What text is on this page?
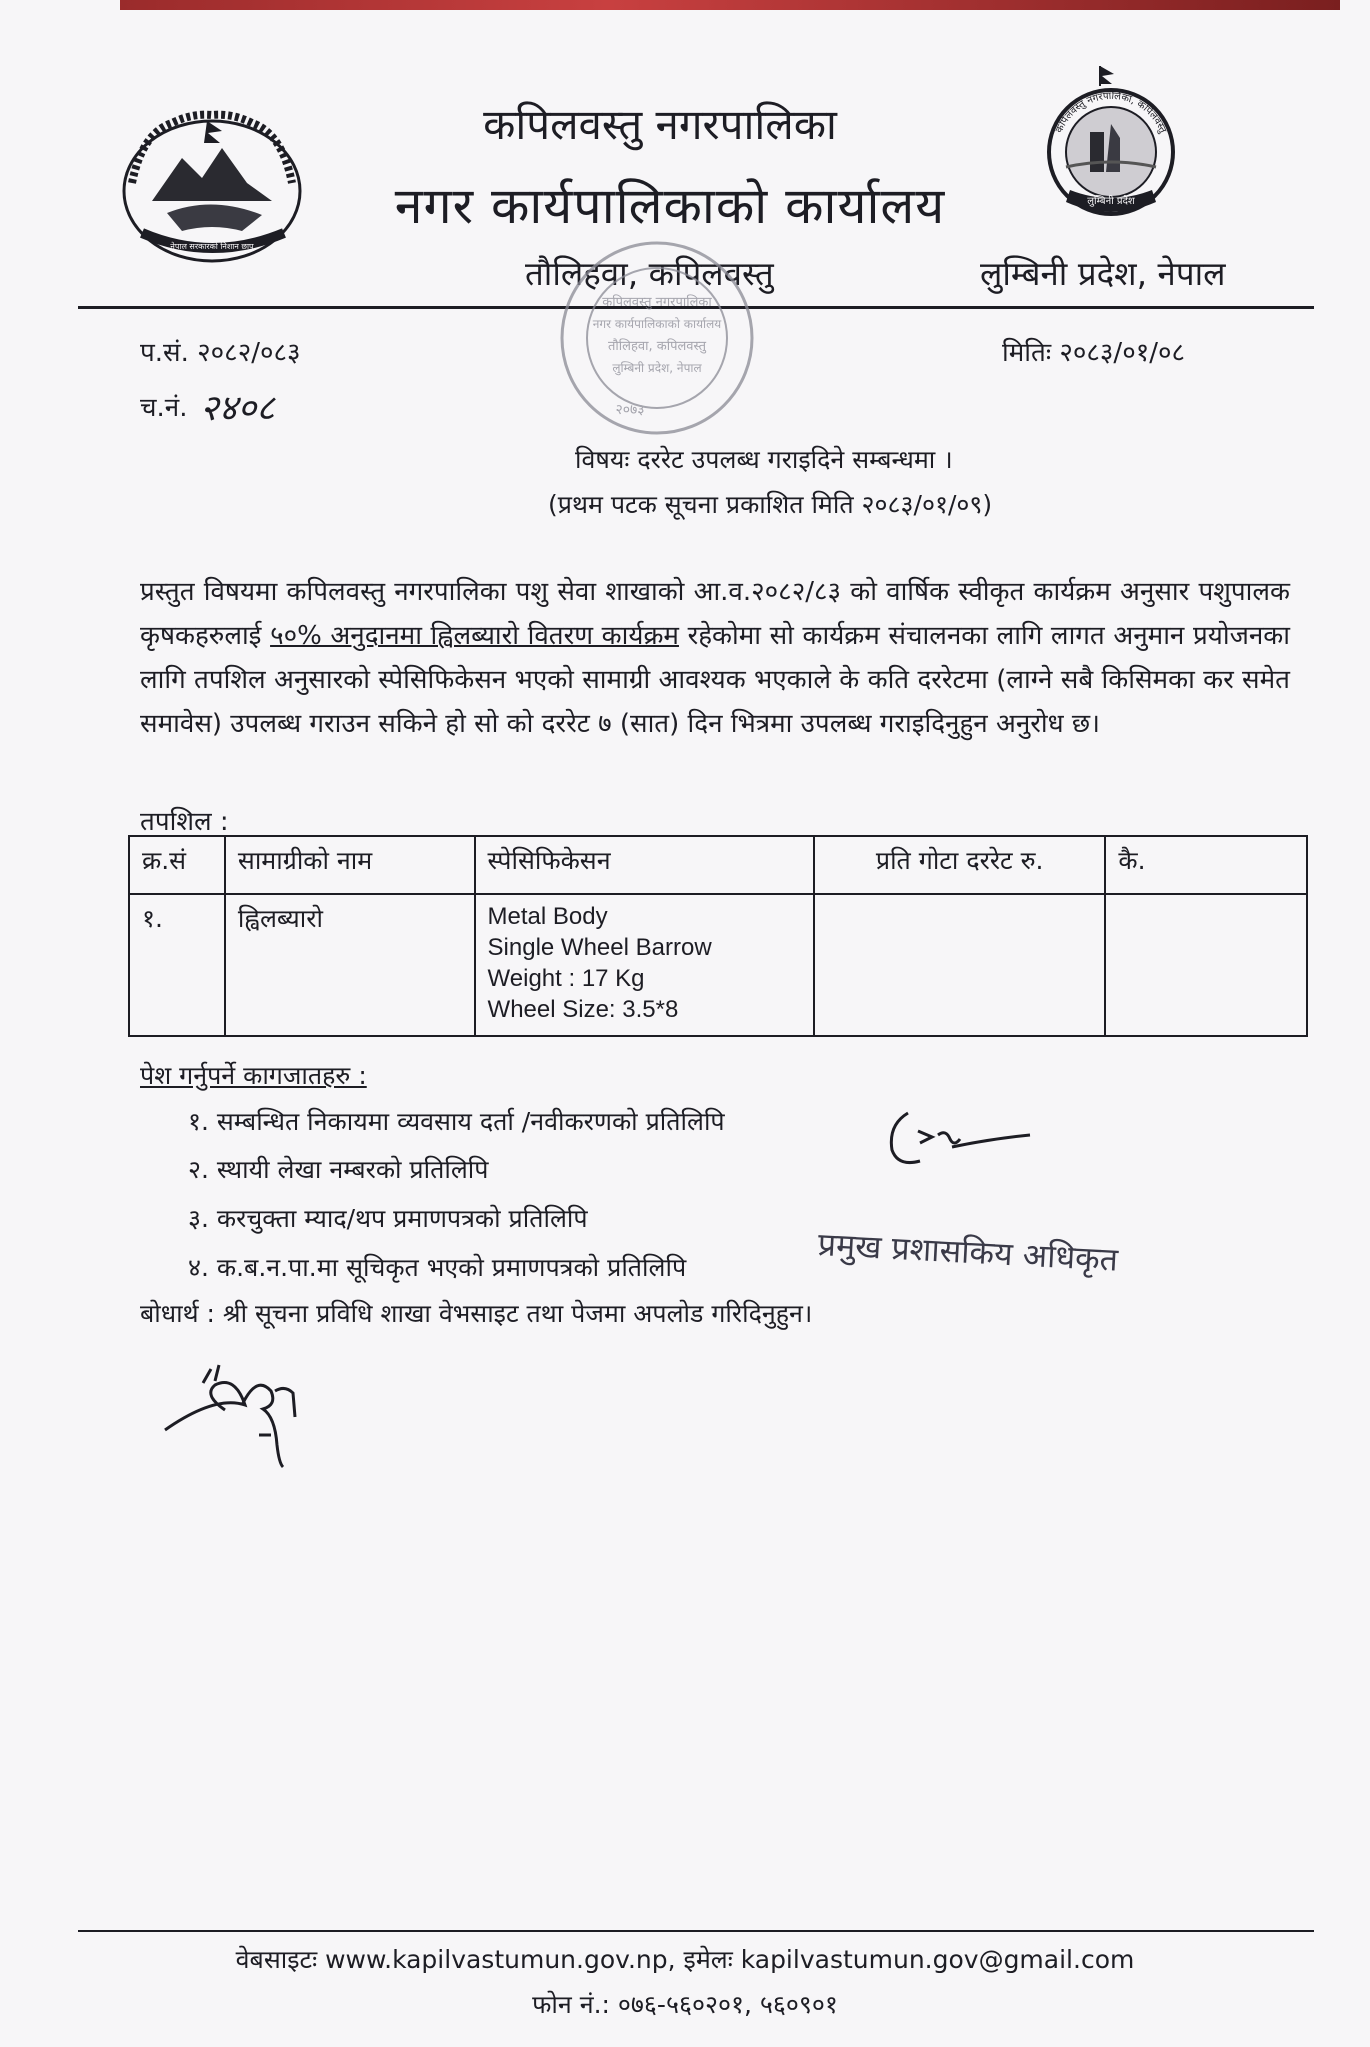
नेपाल सरकारको निशान छाप
कपिलवस्तु नगरपालिका, कपिलवस्तु
लुम्बिनी प्रदेश
कपिलवस्तु नगरपालिका
नगर कार्यपालिकाको कार्यालय
तौलिहवा, कपिलवस्तु	लुम्बिनी प्रदेश, नेपाल
प.सं. २०८२/०८३
च.नं. २४०८
मितिः २०८३/०१/०८
कपिलवस्तु नगरपालिका
नगर कार्यपालिकाको कार्यालय
तौलिहवा, कपिलवस्तु
लुम्बिनी प्रदेश, नेपाल
२०७३
विषयः दररेट उपलब्ध गराइदिने सम्बन्धमा ।
(प्रथम पटक सूचना प्रकाशित मिति २०८३/०१/०९)
प्रस्तुत विषयमा कपिलवस्तु नगरपालिका पशु सेवा शाखाको आ.व.२०८२/८३ को वार्षिक स्वीकृत कार्यक्रम अनुसार पशुपालक कृषकहरुलाई ५०% अनुदानमा ह्विलब्यारो वितरण कार्यक्रम रहेकोमा सो कार्यक्रम संचालनका लागि लागत अनुमान प्रयोजनका लागि तपशिल अनुसारको स्पेसिफिकेसन भएको सामाग्री आवश्यक भएकाले के कति दररेटमा (लाग्ने सबै किसिमका कर समेत समावेस) उपलब्ध गराउन सकिने हो सो को दररेट ७ (सात) दिन भित्रमा उपलब्ध गराइदिनुहुन अनुरोध छ।
तपशिल :
क्र.सं	सामाग्रीको नाम	स्पेसिफिकेसन	प्रति गोटा दररेट रु.	कै.
१.	ह्विलब्यारो	Metal Body
Single Wheel Barrow
Weight : 17 Kg
Wheel Size: 3.5*8		

पेश गर्नुपर्ने कागजातहरु :
१. सम्बन्धित निकायमा व्यवसाय दर्ता /नवीकरणको प्रतिलिपि
२. स्थायी लेखा नम्बरको प्रतिलिपि
३. करचुक्ता म्याद/थप प्रमाणपत्रको प्रतिलिपि
४. क.ब.न.पा.मा सूचिकृत भएको प्रमाणपत्रको प्रतिलिपि	प्रमुख प्रशासकिय अधिकृत
बोधार्थ : श्री सूचना प्रविधि शाखा वेभसाइट तथा पेजमा अपलोड गरिदिनुहुन।
वेबसाइटः www.kapilvastumun.gov.np, इमेलः kapilvastumun.gov@gmail.com
फोन नं.: ०७६-५६०२०१, ५६०९०१
